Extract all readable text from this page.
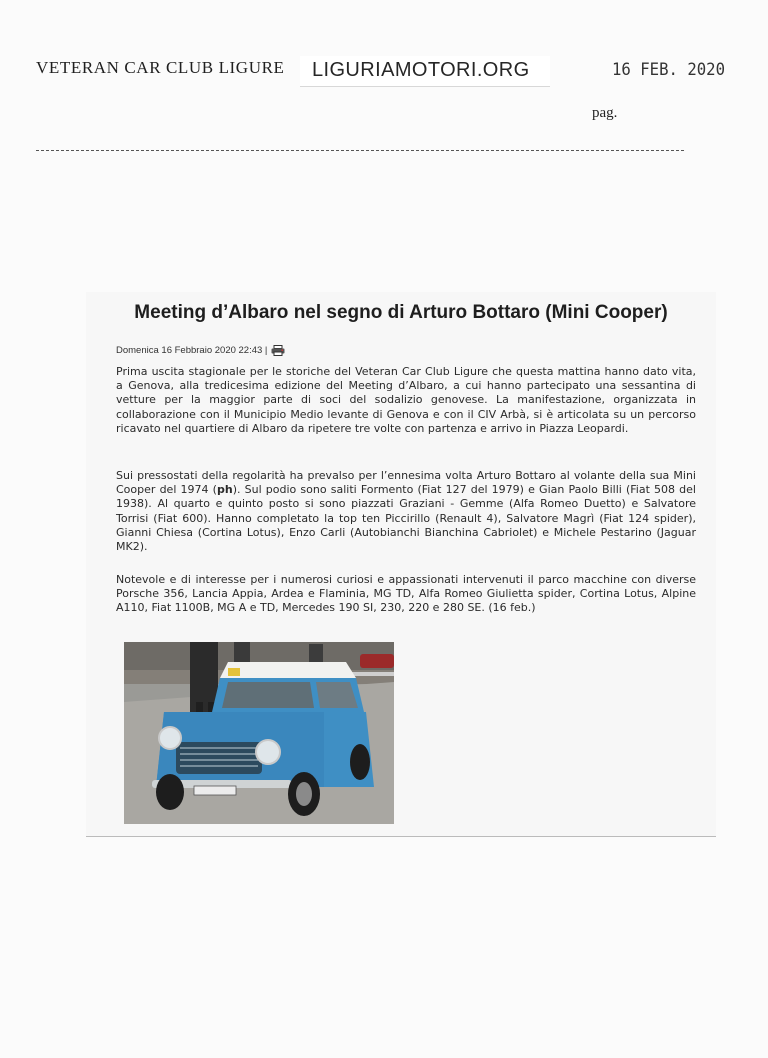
VETERAN CAR CLUB LIGURE LIGURIAMOTORI.ORG	16 FEB. 2020
pag.
Meeting d’Albaro nel segno di Arturo Bottaro (Mini Cooper)
Domenica 16 Febbraio 2020 22:43 |

Prima uscita stagionale per le storiche del Veteran Car Club Ligure che questa mattina hanno dato vita, a Genova, alla tredicesima edizione del Meeting d’Albaro, a cui hanno partecipato una sessantina di vetture per la maggior parte di soci del sodalizio genovese. La manifestazione, organizzata in collaborazione con il Municipio Medio levante di Genova e con il CIV Arbà, si è articolata su un percorso ricavato nel quartiere di Albaro da ripetere tre volte con partenza e arrivo in Piazza Leopardi.

Sui pressostati della regolarità ha prevalso per l’ennesima volta Arturo Bottaro al volante della sua Mini Cooper del 1974 (ph). Sul podio sono saliti Formento (Fiat 127 del 1979) e Gian Paolo Billi (Fiat 508 del 1938). Al quarto e quinto posto si sono piazzati Graziani - Gemme (Alfa Romeo Duetto) e Salvatore Torrisi (Fiat 600). Hanno completato la top ten Piccirillo (Renault 4), Salvatore Magrì (Fiat 124 spider), Gianni Chiesa (Cortina Lotus), Enzo Carli (Autobianchi Bianchina Cabriolet) e Michele Pestarino (Jaguar MK2).

Notevole e di interesse per i numerosi curiosi e appassionati intervenuti il parco macchine con diverse Porsche 356, Lancia Appia, Ardea e Flaminia, MG TD, Alfa Romeo Giulietta spider, Cortina Lotus, Alpine A110, Fiat 1100B, MG A e TD, Mercedes 190 SI, 230, 220 e 280 SE. (16 feb.)
